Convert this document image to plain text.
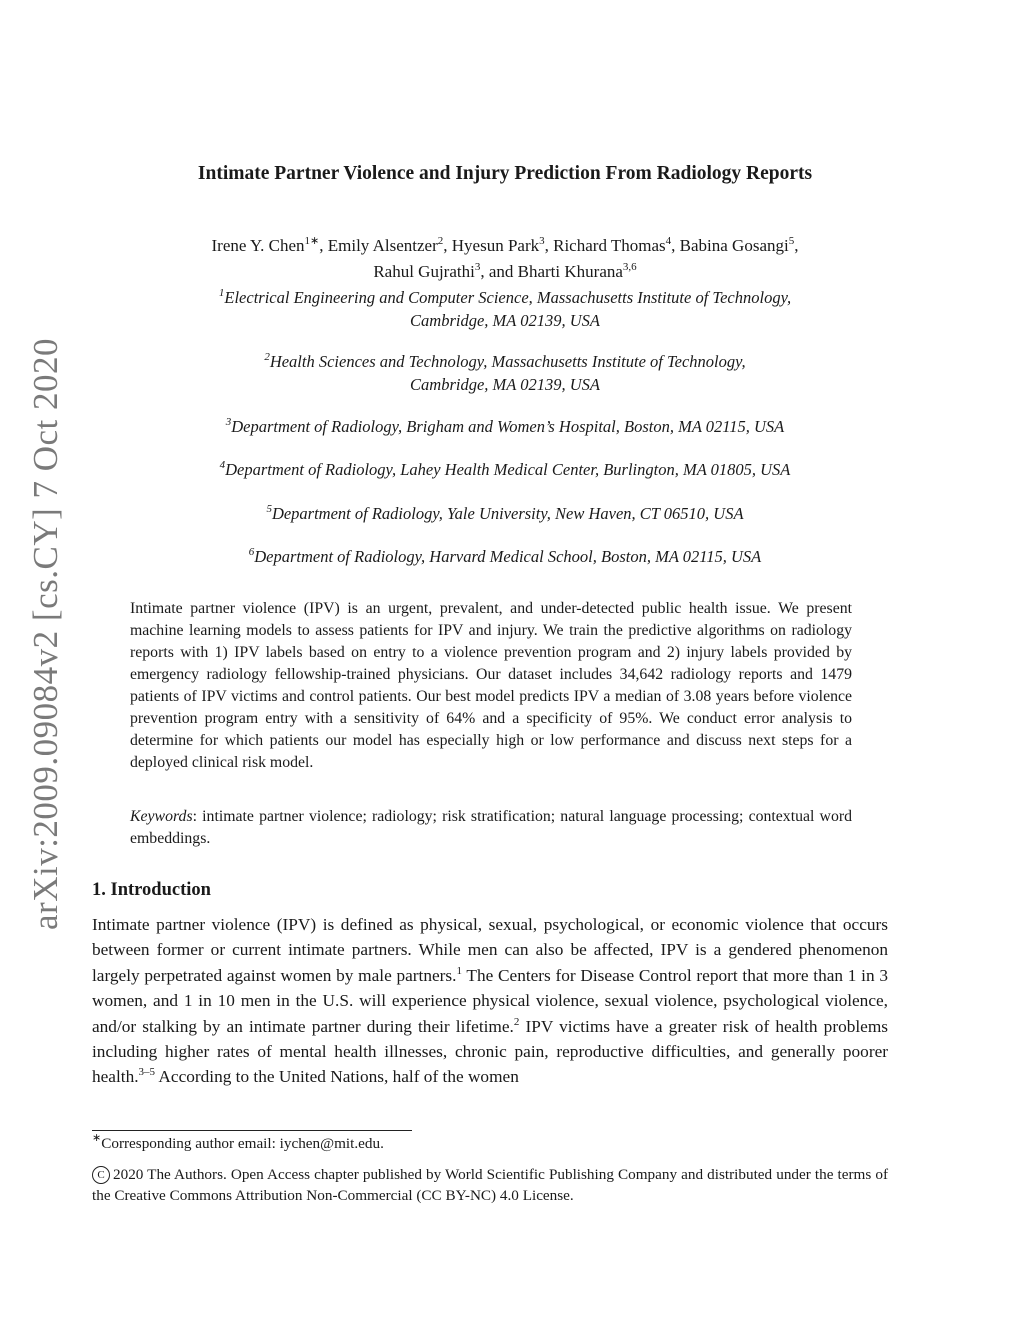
arXiv:2009.09084v2 [cs.CY] 7 Oct 2020
Intimate Partner Violence and Injury Prediction From Radiology Reports
Irene Y. Chen$^{1∗}$, Emily Alsentzer$^2$, Hyesun Park$^3$, Richard Thomas$^4$, Babina Gosangi$^5$,
Rahul Gujrathi$^3$, and Bharti Khurana$^{3,6}$
$^1$Electrical Engineering and Computer Science, Massachusetts Institute of Technology,
Cambridge, MA 02139, USA
$^2$Health Sciences and Technology, Massachusetts Institute of Technology,
Cambridge, MA 02139, USA
$^3$Department of Radiology, Brigham and Women’s Hospital, Boston, MA 02115, USA
$^4$Department of Radiology, Lahey Health Medical Center, Burlington, MA 01805, USA
$^5$Department of Radiology, Yale University, New Haven, CT 06510, USA
$^6$Department of Radiology, Harvard Medical School, Boston, MA 02115, USA
Intimate partner violence (IPV) is an urgent, prevalent, and under-detected public health issue. We present machine learning models to assess patients for IPV and injury. We train the predictive algorithms on radiology reports with 1) IPV labels based on entry to a violence prevention program and 2) injury labels provided by emergency radiology fellowship-trained physicians. Our dataset includes 34,642 radiology reports and 1479 patients of IPV victims and control patients. Our best model predicts IPV a median of 3.08 years before violence prevention program entry with a sensitivity of 64% and a specificity of 95%. We conduct error analysis to determine for which patients our model has especially high or low performance and discuss next steps for a deployed clinical risk model.
Keywords: intimate partner violence; radiology; risk stratification; natural language processing; contextual word embeddings.
1. Introduction
Intimate partner violence (IPV) is defined as physical, sexual, psychological, or economic violence that occurs between former or current intimate partners. While men can also be affected, IPV is a gendered phenomenon largely perpetrated against women by male partners.$^1$ The Centers for Disease Control report that more than 1 in 3 women, and 1 in 10 men in the U.S. will experience physical violence, sexual violence, psychological violence, and/or stalking by an intimate partner during their lifetime.$^2$ IPV victims have a greater risk of health problems including higher rates of mental health illnesses, chronic pain, reproductive difficulties, and generally poorer health.$^{3-5}$ According to the United Nations, half of the women
∗Corresponding author email: iychen@mit.edu.
C 2020 The Authors. Open Access chapter published by World Scientific Publishing Company and distributed under the terms of the Creative Commons Attribution Non-Commercial (CC BY-NC) 4.0 License.
